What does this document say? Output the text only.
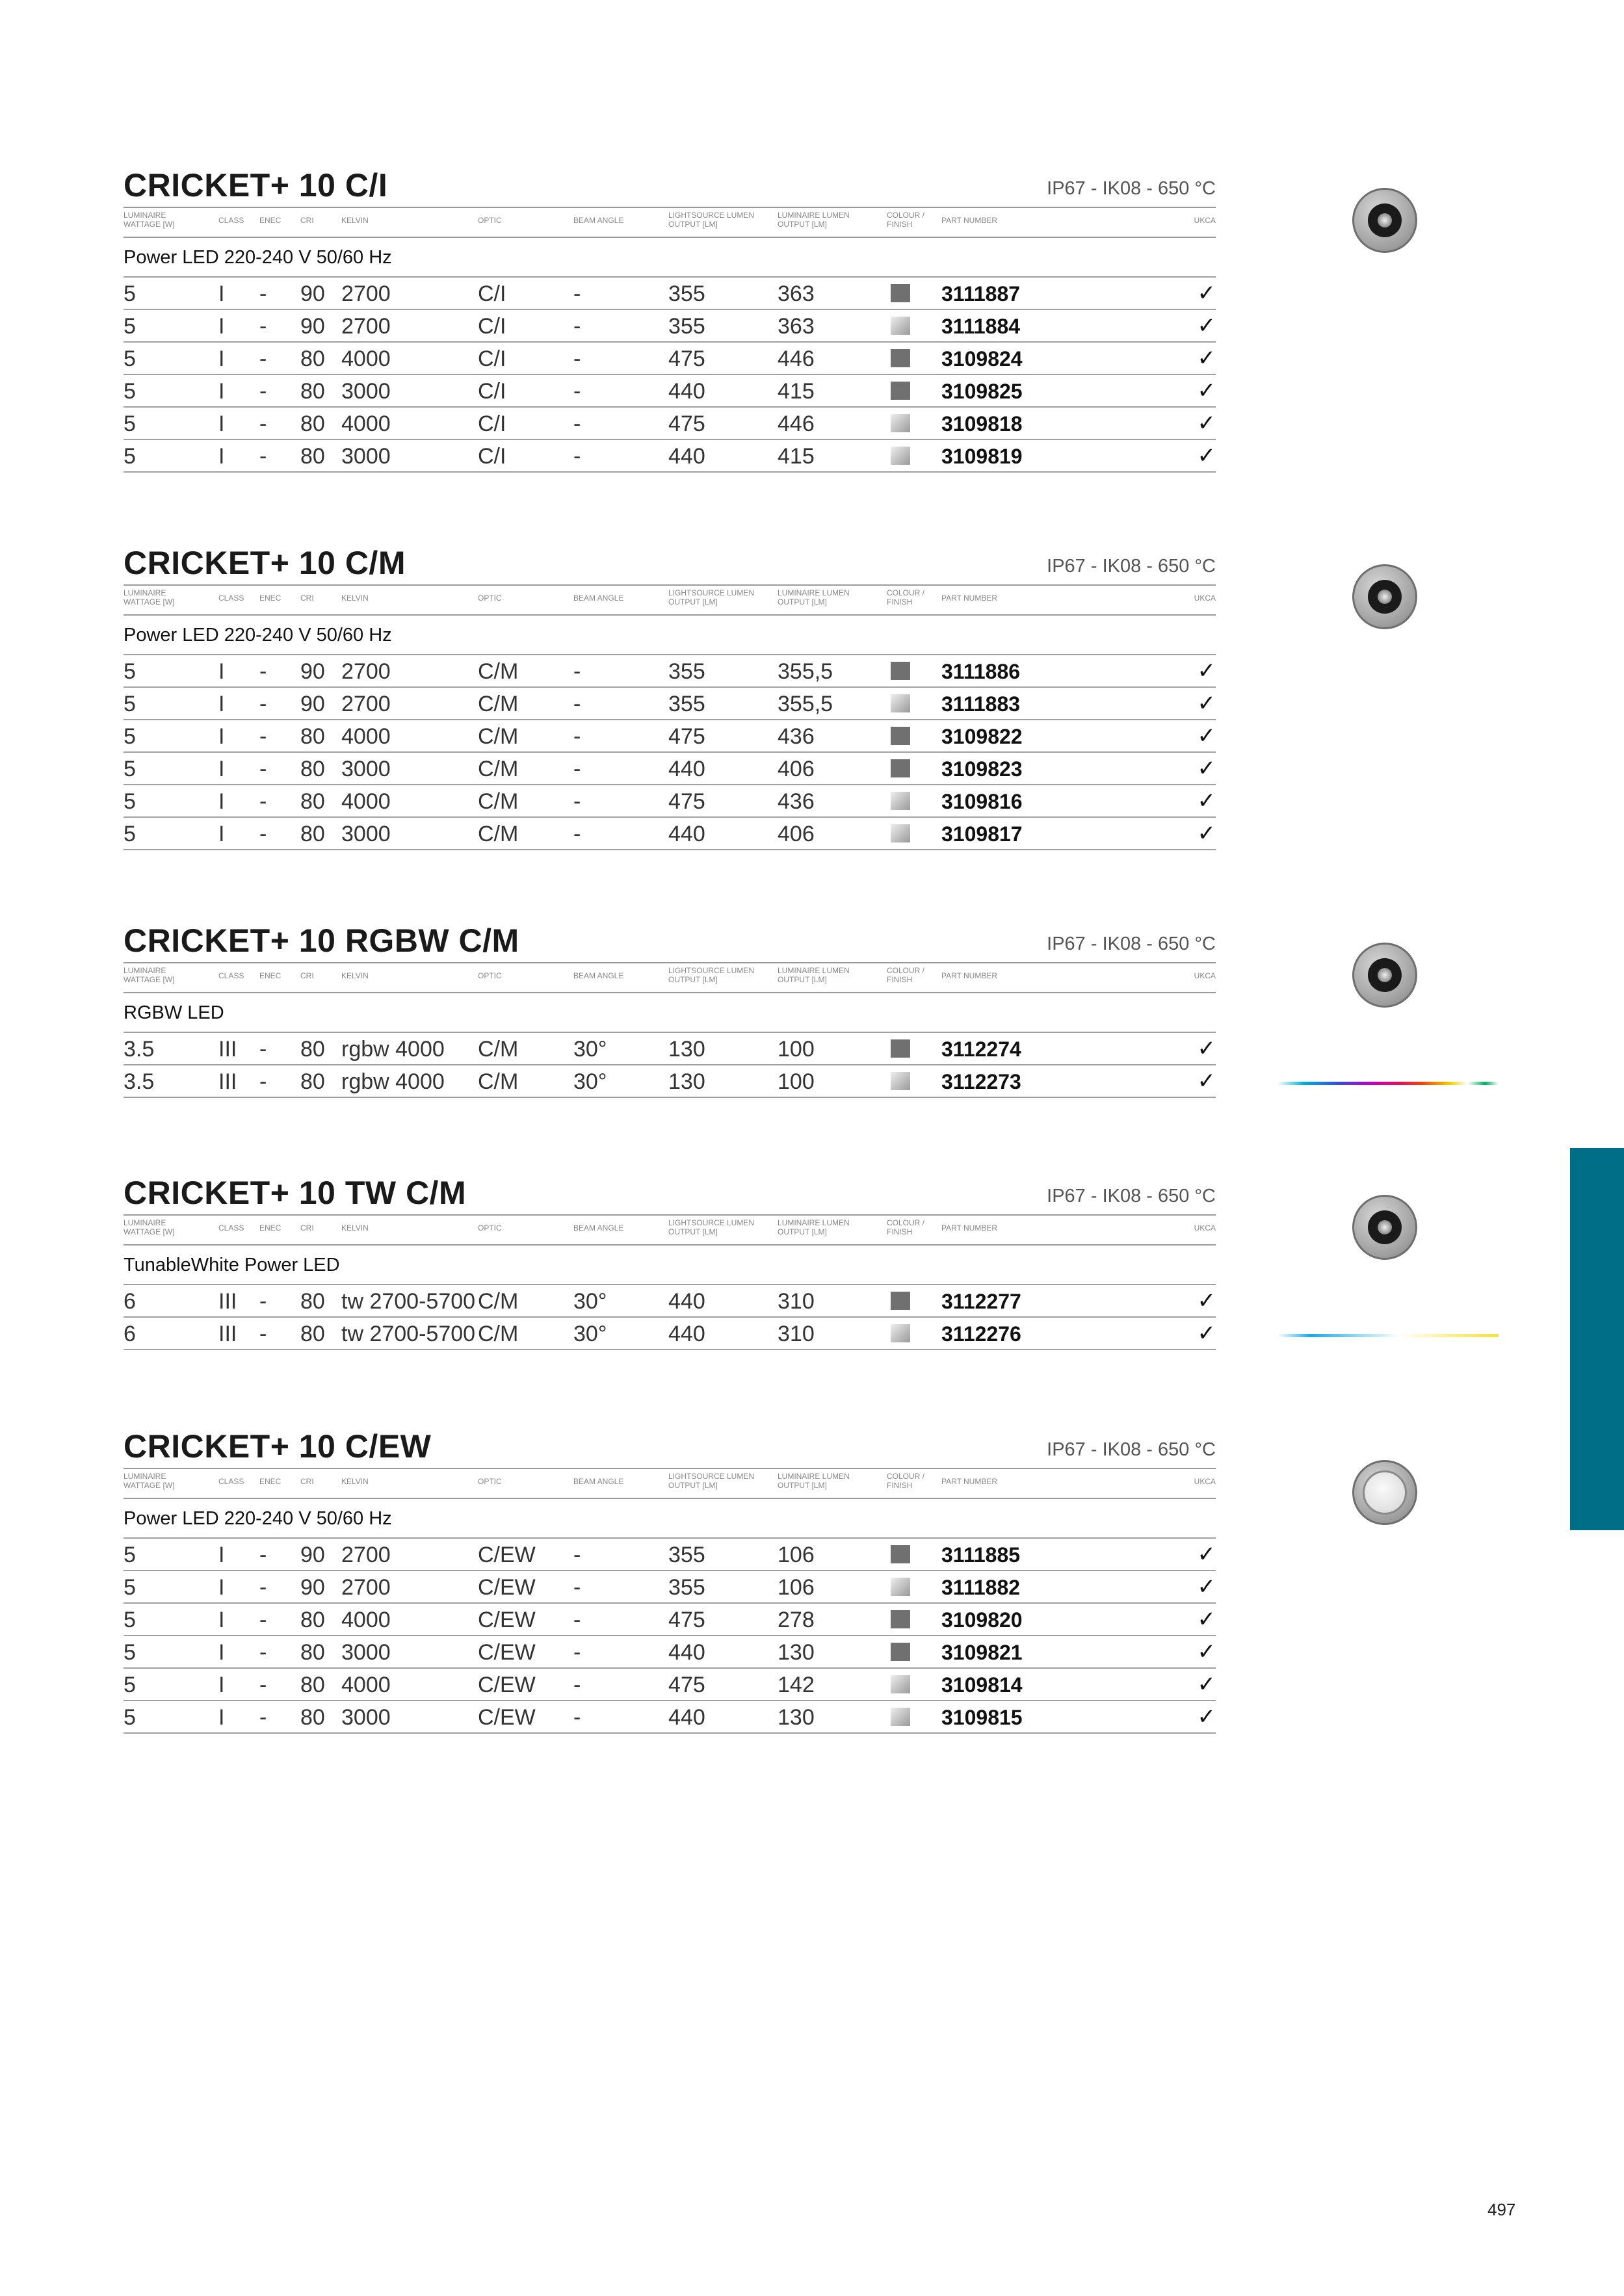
CRICKET+ 10 C/I	IP67 - IK08 - 650 °C
LUMINAIRE
WATTAGE [W]	CLASS ENEC CRI	KELVIN	OPTIC	BEAM ANGLE
LIGHTSOURCE LUMEN
OUTPUT [LM]
LUMINAIRE LUMEN
OUTPUT [LM]
COLOUR /
FINISH	PART NUMBER	UKCA
Power LED 220-240 V 50/60 Hz
5	I - 90 2700	C/I	-	355	363	3111887	✓
5	I - 90 2700	C/I	-	355	363	3111884	✓
5	I - 80 4000	C/I	-	475	446	3109824	✓
5	I - 80 3000	C/I	-	440	415	3109825	✓
5	I - 80 4000	C/I	-	475	446	3109818	✓
5	I - 80 3000	C/I	-	440	415	3109819	✓
CRICKET+ 10 C/M	IP67 - IK08 - 650 °C
LUMINAIRE
WATTAGE [W]	CLASS ENEC CRI	KELVIN	OPTIC	BEAM ANGLE
LIGHTSOURCE LUMEN
OUTPUT [LM]
LUMINAIRE LUMEN
OUTPUT [LM]
COLOUR /
FINISH	PART NUMBER	UKCA
Power LED 220-240 V 50/60 Hz
5	I - 90 2700	C/M -	355	355,5	3111886	✓
5	I - 90 2700	C/M -	355	355,5	3111883	✓
5	I - 80 4000	C/M -	475	436	3109822	✓
5	I - 80 3000	C/M -	440	406	3109823	✓
5	I - 80 4000	C/M -	475	436	3109816	✓
5	I - 80 3000	C/M -	440	406	3109817	✓
CRICKET+ 10 RGBW C/M	IP67 - IK08 - 650 °C
LUMINAIRE
WATTAGE [W]	CLASS ENEC CRI	KELVIN	OPTIC	BEAM ANGLE
LIGHTSOURCE LUMEN
OUTPUT [LM]
LUMINAIRE LUMEN
OUTPUT [LM]
COLOUR /
FINISH	PART NUMBER	UKCA
RGBW LED
3.5	III - 80 rgbw 4000 C/M 30°	130	100	3112274	✓
3.5	III - 80 rgbw 4000 C/M 30°	130	100	3112273	✓
CRICKET+ 10 TW C/M	IP67 - IK08 - 650 °C
LUMINAIRE
WATTAGE [W]	CLASS ENEC CRI	KELVIN	OPTIC	BEAM ANGLE
LIGHTSOURCE LUMEN
OUTPUT [LM]
LUMINAIRE LUMEN
OUTPUT [LM]
COLOUR /
FINISH	PART NUMBER	UKCA
TunableWhite Power LED
6	III - 80 tw 2700-5700 C/M 30°	440	310	3112277	✓
6	III - 80 tw 2700-5700 C/M 30°	440	310	3112276	✓
CRICKET+ 10 C/EW	IP67 - IK08 - 650 °C
LUMINAIRE
WATTAGE [W]	CLASS ENEC CRI	KELVIN	OPTIC	BEAM ANGLE
LIGHTSOURCE LUMEN
OUTPUT [LM]
LUMINAIRE LUMEN
OUTPUT [LM]
COLOUR /
FINISH	PART NUMBER	UKCA
Power LED 220-240 V 50/60 Hz
5	I - 90 2700	C/EW -	355	106	3111885	✓
5	I - 90 2700	C/EW -	355	106	3111882	✓
5	I - 80 4000	C/EW -	475	278	3109820	✓
5	I - 80 3000	C/EW -	440	130	3109821	✓
5	I - 80 4000	C/EW -	475	142	3109814	✓
5	I - 80 3000	C/EW -	440	130	3109815	✓
497
